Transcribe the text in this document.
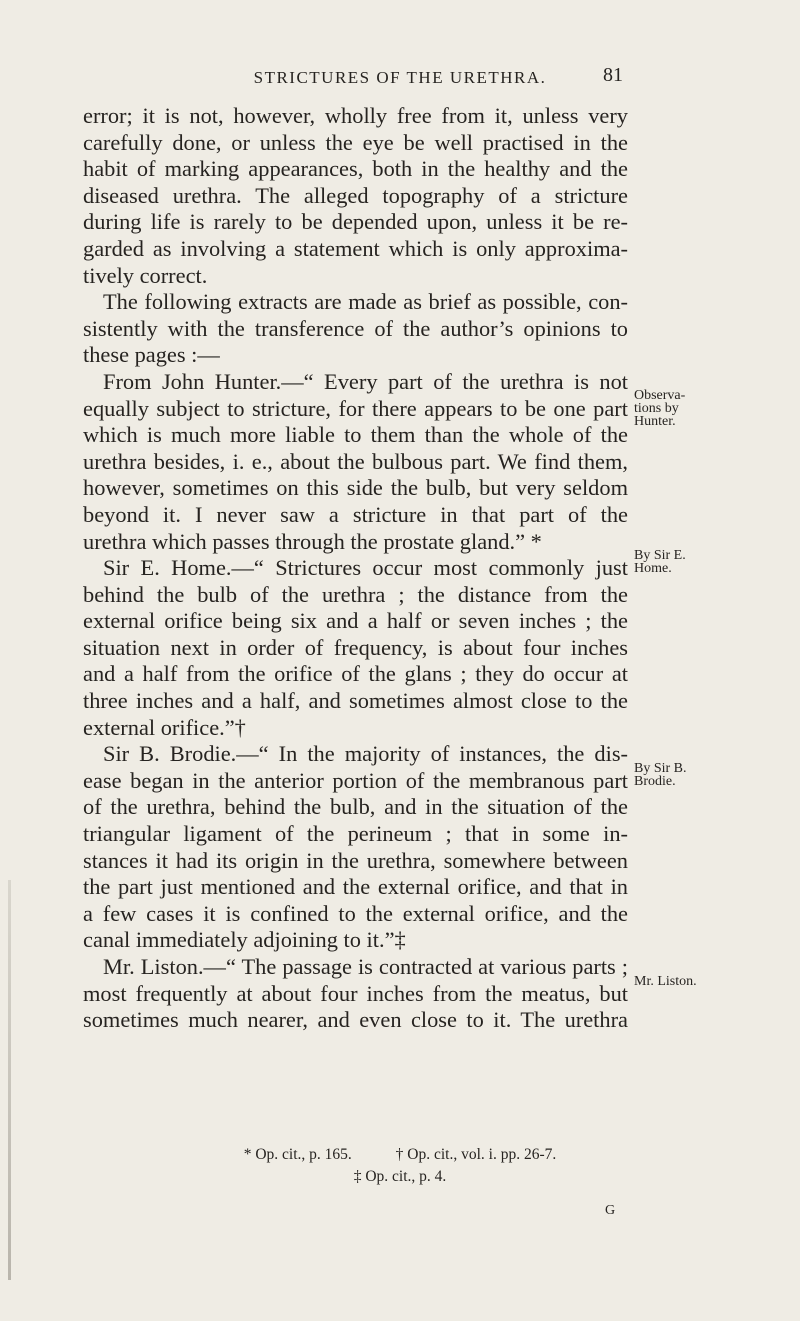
STRICTURES OF THE URETHRA.	81
error; it is not, however, wholly free from it, unless very
carefully done, or unless the eye be well practised in the
habit of marking appearances, both in the healthy and the
diseased urethra. The alleged topography of a stricture
during life is rarely to be depended upon, unless it be re-
garded as involving a statement which is only approxima-
tively correct.
The following extracts are made as brief as possible, con-
sistently with the transference of the author’s opinions to
these pages :—
From John Hunter.—“ Every part of the urethra is not
equally subject to stricture, for there appears to be one part
which is much more liable to them than the whole of the
urethra besides, i. e., about the bulbous part. We find them,
however, sometimes on this side the bulb, but very seldom
beyond it. I never saw a stricture in that part of the
urethra which passes through the prostate gland.” *
Sir E. Home.—“ Strictures occur most commonly just
behind the bulb of the urethra ; the distance from the
external orifice being six and a half or seven inches ; the
situation next in order of frequency, is about four inches
and a half from the orifice of the glans ; they do occur at
three inches and a half, and sometimes almost close to the
external orifice.”†
Sir B. Brodie.—“ In the majority of instances, the dis-
ease began in the anterior portion of the membranous part
of the urethra, behind the bulb, and in the situation of the
triangular ligament of the perineum ; that in some in-
stances it had its origin in the urethra, somewhere between
the part just mentioned and the external orifice, and that in
a few cases it is confined to the external orifice, and the
canal immediately adjoining to it.”‡
Mr. Liston.—“ The passage is contracted at various parts ;
most frequently at about four inches from the meatus, but
sometimes much nearer, and even close to it. The urethra
Observa-
tions by
Hunter.
By Sir E.
Home.
By Sir B.
Brodie.
Mr. Liston.
* Op. cit., p. 165.	† Op. cit., vol. i. pp. 26-7.
‡ Op. cit., p. 4.
G
